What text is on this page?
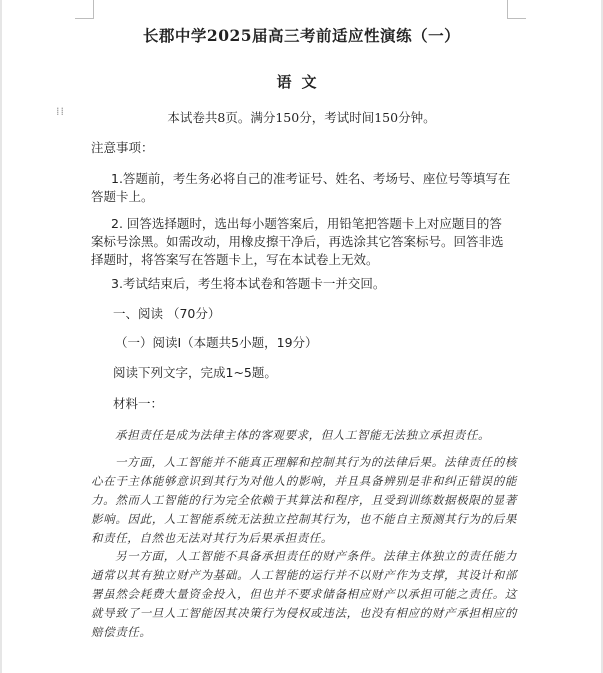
⁞⁞
长郡中学2025届高三考前适应性演练（一）
语文
本试卷共8页。满分150分，考试时间150分钟。
注意事项：
1.答题前，考生务必将自己的准考证号、姓名、考场号、座位号等填写在答题卡上。
2. 回答选择题时，选出每小题答案后，用铅笔把答题卡上对应题目的答案标号涂黑。如需改动，用橡皮擦干净后，再选涂其它答案标号。回答非选择题时，将答案写在答题卡上，写在本试卷上无效。
3.考试结束后，考生将本试卷和答题卡一并交回。
一、阅读 （70分）
（一）阅读Ⅰ（本题共5小题，19分）
阅读下列文字，完成1~5题。
材料一：
承担责任是成为法律主体的客观要求，但人工智能无法独立承担责任。
一方面，人工智能并不能真正理解和控制其行为的法律后果。法律责任的核心在于主体能够意识到其行为对他人的影响，并且具备辨别是非和纠正错误的能力。然而人工智能的行为完全依赖于其算法和程序，且受到训练数据极限的显著影响。因此，人工智能系统无法独立控制其行为，也不能自主预测其行为的后果和责任，自然也无法对其行为后果承担责任。
另一方面，人工智能不具备承担责任的财产条件。法律主体独立的责任能力通常以其有独立财产为基础。人工智能的运行并不以财产作为支撑，其设计和部署虽然会耗费大量资金投入，但也并不要求储备相应财产以承担可能之责任。这就导致了一旦人工智能因其决策行为侵权或违法，也没有相应的财产承担相应的赔偿责任。
